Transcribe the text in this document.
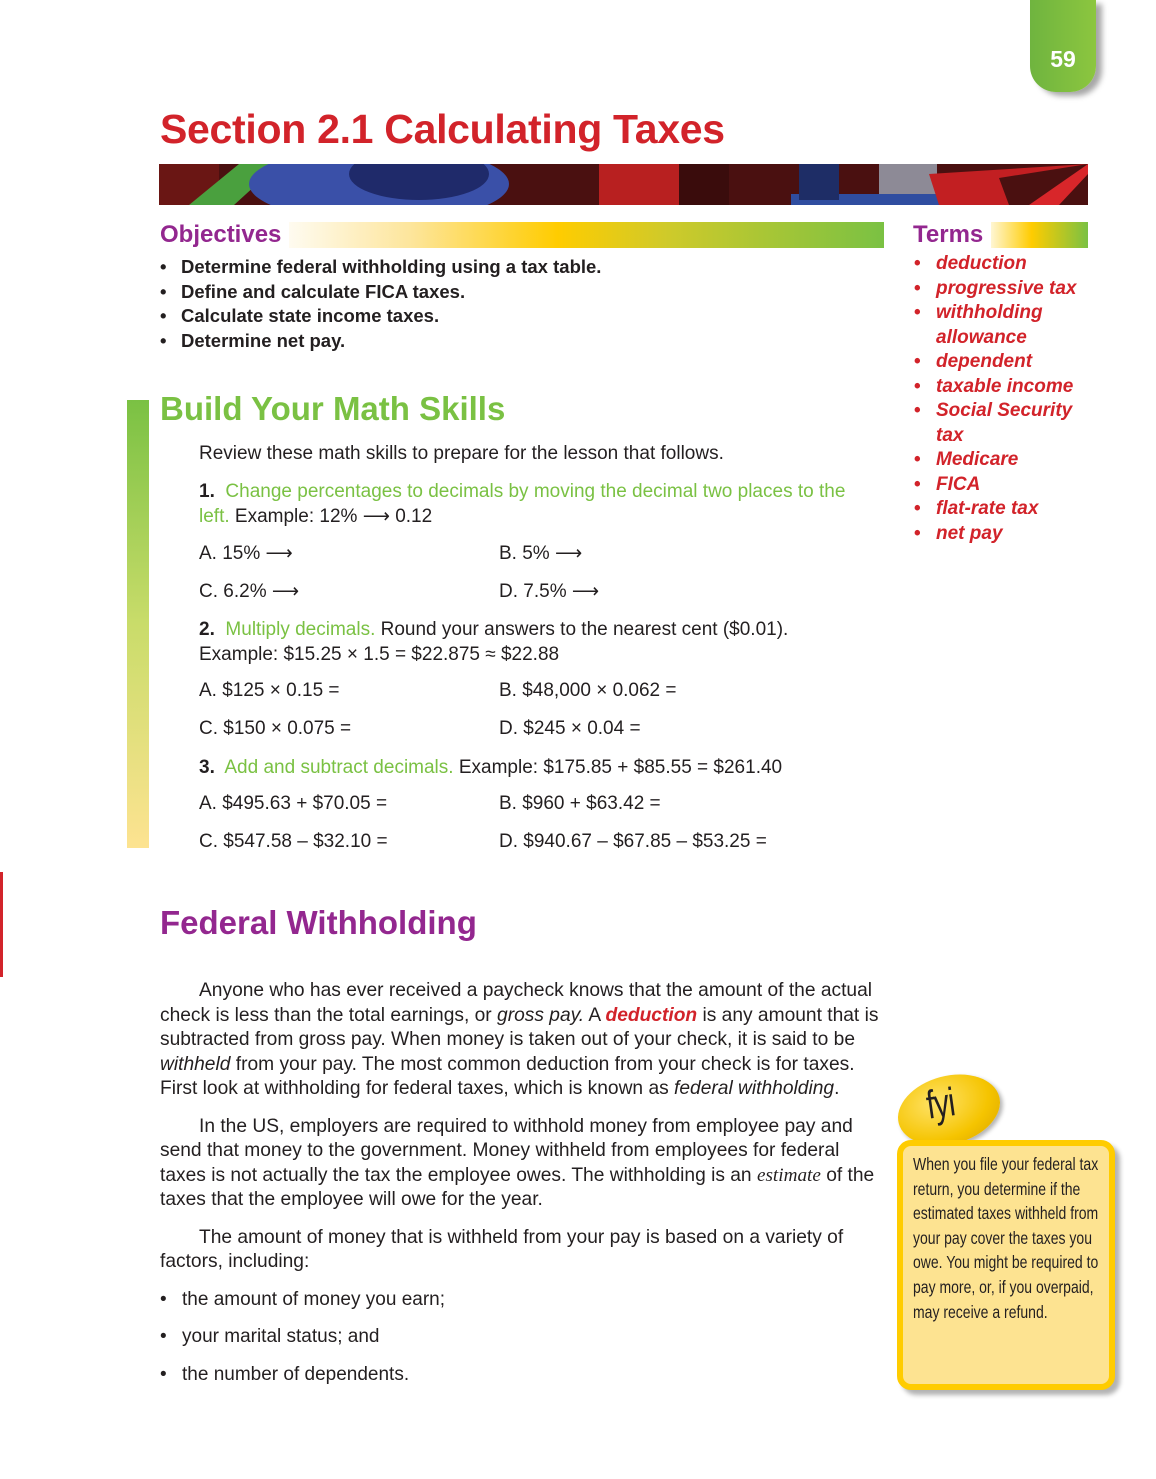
59
Section 2.1 Calculating Taxes
Objectives
• Determine federal withholding using a tax table.
• Define and calculate FICA taxes.
• Calculate state income taxes.
• Determine net pay.
Terms
• deduction
• progressive tax
• withholding allowance
• dependent
• taxable income
• Social Security tax
• Medicare
• FICA
• flat-rate tax
• net pay
Build Your Math Skills
Review these math skills to prepare for the lesson that follows.
1. Change percentages to decimals by moving the decimal two places to the left. Example: 12% ⟶ 0.12
A. 15% ⟶	B. 5% ⟶
C. 6.2% ⟶	D. 7.5% ⟶
2. Multiply decimals. Round your answers to the nearest cent ($0.01).
Example: $15.25 × 1.5 = $22.875 ≈ $22.88
A. $125 × 0.15 =	B. $48,000 × 0.062 =
C. $150 × 0.075 =	D. $245 × 0.04 =
3. Add and subtract decimals. Example: $175.85 + $85.55 = $261.40
A. $495.63 + $70.05 =	B. $960 + $63.42 =
C. $547.58 – $32.10 =	D. $940.67 – $67.85 – $53.25 =
Federal Withholding

Anyone who has ever received a paycheck knows that the amount of the actual check is less than the total earnings, or gross pay. A deduction is any amount that is subtracted from gross pay. When money is taken out of your check, it is said to be withheld from your pay. The most common deduction from your check is for taxes. First look at withholding for federal taxes, which is known as federal withholding.

In the US, employers are required to withhold money from employee pay and send that money to the government. Money withheld from employees for federal taxes is not actually the tax the employee owes. The withholding is an estimate of the taxes that the employee will owe for the year.

The amount of money that is withheld from your pay is based on a variety of factors, including:

• the amount of money you earn;
• your marital status; and
• the number of dependents.
fyi
When you file your federal tax return, you determine if the estimated taxes withheld from your pay cover the taxes you owe. You might be required to pay more, or, if you overpaid, may receive a refund.
